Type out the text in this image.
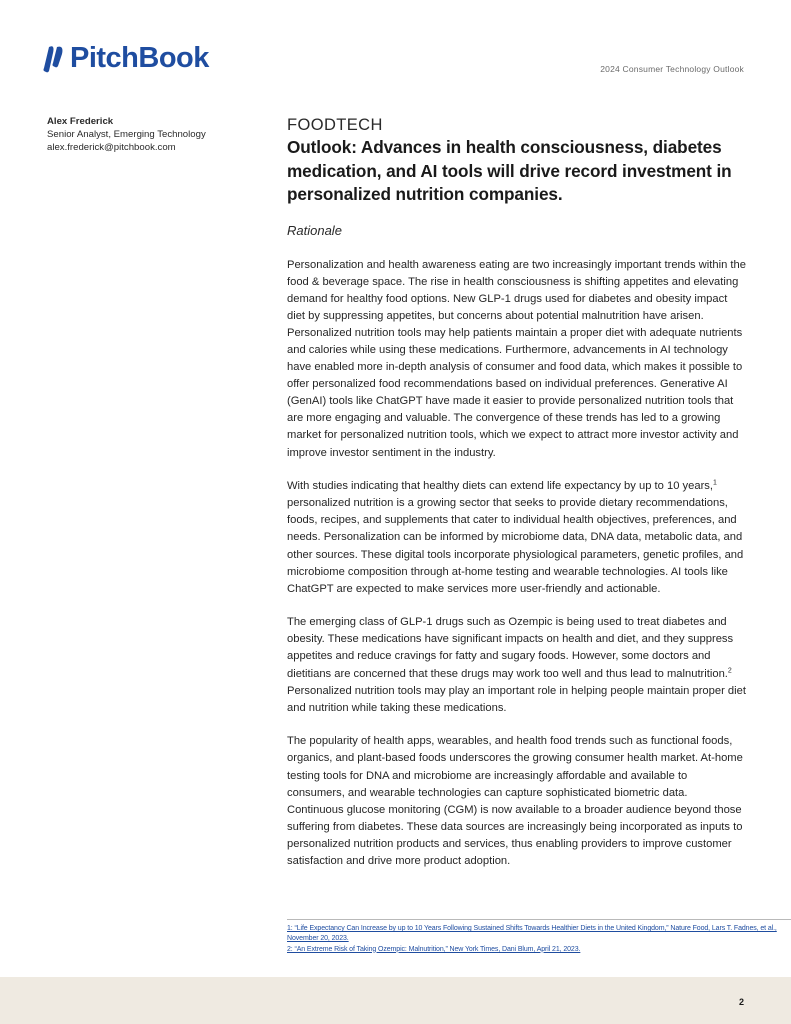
PitchBook	2024 Consumer Technology Outlook
Alex Frederick
Senior Analyst, Emerging Technology
alex.frederick@pitchbook.com
FOODTECH
Outlook: Advances in health consciousness, diabetes medication, and AI tools will drive record investment in personalized nutrition companies.
Rationale

Personalization and health awareness eating are two increasingly important trends within the food & beverage space. The rise in health consciousness is shifting appetites and elevating demand for healthy food options. New GLP-1 drugs used for diabetes and obesity impact diet by suppressing appetites, but concerns about potential malnutrition have arisen. Personalized nutrition tools may help patients maintain a proper diet with adequate nutrients and calories while using these medications. Furthermore, advancements in AI technology have enabled more in-depth analysis of consumer and food data, which makes it possible to offer personalized food recommendations based on individual preferences. Generative AI (GenAI) tools like ChatGPT have made it easier to provide personalized nutrition tools that are more engaging and valuable. The convergence of these trends has led to a growing market for personalized nutrition tools, which we expect to attract more investor activity and improve investor sentiment in the industry.

With studies indicating that healthy diets can extend life expectancy by up to 10 years,$^1$ personalized nutrition is a growing sector that seeks to provide dietary recommendations, foods, recipes, and supplements that cater to individual health objectives, preferences, and needs. Personalization can be informed by microbiome data, DNA data, metabolic data, and other sources. These digital tools incorporate physiological parameters, genetic profiles, and microbiome composition through at-home testing and wearable technologies. AI tools like ChatGPT are expected to make services more user-friendly and actionable.

The emerging class of GLP-1 drugs such as Ozempic is being used to treat diabetes and obesity. These medications have significant impacts on health and diet, and they suppress appetites and reduce cravings for fatty and sugary foods. However, some doctors and dietitians are concerned that these drugs may work too well and thus lead to malnutrition.$^2$ Personalized nutrition tools may play an important role in helping people maintain proper diet and nutrition while taking these medications.

The popularity of health apps, wearables, and health food trends such as functional foods, organics, and plant-based foods underscores the growing consumer health market. At-home testing tools for DNA and microbiome are increasingly affordable and available to consumers, and wearable technologies can capture sophisticated biometric data. Continuous glucose monitoring (CGM) is now available to a broader audience beyond those suffering from diabetes. These data sources are increasingly being incorporated as inputs to personalized nutrition products and services, thus enabling providers to improve customer satisfaction and drive more product adoption.

1: “Life Expectancy Can Increase by up to 10 Years Following Sustained Shifts Towards Healthier Diets in the United Kingdom,” Nature Food, Lars T. Fadnes, et al., November 20, 2023.
2: “An Extreme Risk of Taking Ozempic: Malnutrition,” New York Times, Dani Blum, April 21, 2023.
2
